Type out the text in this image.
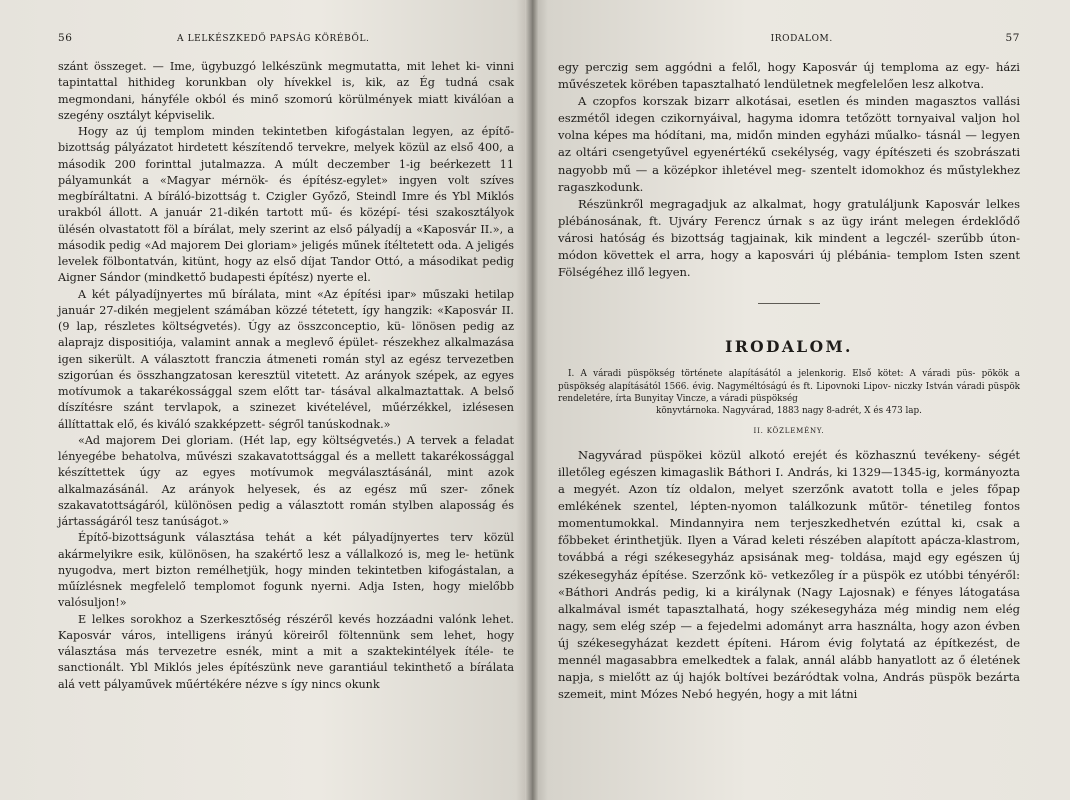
56	A LELKÉSZKEDŐ PAPSÁG KÖRÉBŐL.

szánt összeget. — Ime, ügybuzgó lelkészünk megmutatta, mit lehet ki- vinni tapintattal hithideg korunkban oly hívekkel is, kik, az Ég tudná csak megmondani, hányféle okból és minő szomorú körülmények miatt kiválóan a szegény osztályt képviselik.

Hogy az új templom minden tekintetben kifogástalan legyen, az építő-bizottság pályázatot hirdetett készítendő tervekre, melyek közül az első 400, a második 200 forinttal jutalmazza. A múlt deczember 1-ig beérkezett 11 pályamunkát a «Magyar mérnök- és építész-egylet» ingyen volt szíves megbíráltatni. A bíráló-bizottság t. Czigler Győző, Steindl Imre és Ybl Miklós urakból állott. A január 21-dikén tartott mű- és középí- tési szakosztályok ülésén olvastatott föl a bírálat, mely szerint az első pályadíj a «Kaposvár II.», a második pedig «Ad majorem Dei gloriam» jeligés műnek ítéltetett oda. A jeligés levelek fölbontatván, kitünt, hogy az első díjat Tandor Ottó, a másodikat pedig Aigner Sándor (mindkettő budapesti építész) nyerte el.

A két pályadíjnyertes mű bírálata, mint «Az építési ipar» műszaki hetilap január 27-dikén megjelent számában közzé tétetett, így hangzik: «Kaposvár II. (9 lap, részletes költségvetés). Úgy az összconceptio, kü- lönösen pedig az alaprajz dispositiója, valamint annak a meglevő épület- részekhez alkalmazása igen sikerült. A választott franczia átmeneti román styl az egész tervezetben szigorúan és összhangzatosan keresztül vitetett. Az arányok szépek, az egyes motívumok a takarékossággal szem előtt tar- tásával alkalmaztattak. A belső díszítésre szánt tervlapok, a szinezet kivételével, műérzékkel, izlésesen állíttattak elő, és kiváló szakképzett- ségről tanúskodnak.»

«Ad majorem Dei gloriam. (Hét lap, egy költségvetés.) A tervek a feladat lényegébe behatolva, művészi szakavatottsággal és a mellett takarékossággal készíttettek úgy az egyes motívumok megválasztásánál, mint azok alkalmazásánál. Az arányok helyesek, és az egész mű szer- zőnek szakavatottságáról, különösen pedig a választott román stylben alaposság és jártasságáról tesz tanúságot.»

Építő-bizottságunk választása tehát a két pályadíjnyertes terv közül akármelyikre esik, különösen, ha szakértő lesz a vállalkozó is, meg le- hetünk nyugodva, mert bizton remélhetjük, hogy minden tekintetben kifogástalan, a műízlésnek megfelelő templomot fogunk nyerni. Adja Isten, hogy mielőbb valósuljon!»

E lelkes sorokhoz a Szerkesztőség részéről kevés hozzáadni valónk lehet. Kaposvár város, intelligens irányú köreiről föltennünk sem lehet, hogy választása más tervezetre esnék, mint a mit a szaktekintélyek ítéle- te sanctionált. Ybl Miklós jeles építészünk neve garantiául tekinthető a bírálata alá vett pályaművek műértékére nézve s így nincs okunk

IRODALOM.	57

egy perczig sem aggódni a felől, hogy Kaposvár új temploma az egy- házi művészetek körében tapasztalható lendületnek megfelelően lesz alkotva.

A czopfos korszak bizarr alkotásai, esetlen és minden magasztos vallási eszmétől idegen czikornyáival, hagyma idomra tetőzött tornyaival valjon hol volna képes ma hódítani, ma, midőn minden egyházi műalko- tásnál — legyen az oltári csengetyűvel egyenértékű csekélység, vagy építészeti és szobrászati nagyobb mű — a középkor ihletével meg- szentelt idomokhoz és műstylekhez ragaszkodunk.

Részünkről megragadjuk az alkalmat, hogy gratuláljunk Kaposvár lelkes plébánosának, ft. Ujváry Ferencz úrnak s az ügy iránt melegen érdeklődő városi hatóság és bizottság tagjainak, kik mindent a legczél- szerűbb úton-módon követtek el arra, hogy a kaposvári új plébánia- templom Isten szent Fölségéhez illő legyen.

IRODALOM.

I. A váradi püspökség története alapításától a jelenkorig. Első kötet: A váradi püs- pökök a püspökség alapításától 1566. évig. Nagyméltóságú és ft. Lipovnoki Lipov- niczky István váradi püspök rendeletére, írta Bunyitay Vincze, a váradi püspökség

könyvtárnoka. Nagyvárad, 1883 nagy 8-adrét, X és 473 lap.

II. KÖZLEMÉNY.

Nagyvárad püspökei közül alkotó erejét és közhasznú tevékeny- ségét illetőleg egészen kimagaslik Báthori I. András, ki 1329—1345-ig, kormányozta a megyét. Azon tíz oldalon, melyet szerzőnk avatott tolla e jeles főpap emlékének szentel, lépten-nyomon találkozunk műtör- ténetileg fontos momentumokkal. Mindannyira nem terjeszkedhetvén ezúttal ki, csak a főbbeket érinthetjük. Ilyen a Várad keleti részében alapított apácza-klastrom, továbbá a régi székesegyház apsisának meg- toldása, majd egy egészen új székesegyház építése. Szerzőnk kö- vetkezőleg ír a püspök ez utóbbi tényéről: «Báthori András pedig, ki a királynak (Nagy Lajosnak) e fényes látogatása alkalmával ismét tapasztalhatá, hogy székesegyháza még mindig nem elég nagy, sem elég szép — a fejedelmi adományt arra használta, hogy azon évben új székesegyházat kezdett építeni. Három évig folytatá az építkezést, de mennél magasabbra emelkedtek a falak, annál alább hanyatlott az ő életének napja, s mielőtt az új hajók boltívei bezáródtak volna, András püspök bezárta szemeit, mint Mózes Nebó hegyén, hogy a mit látni
